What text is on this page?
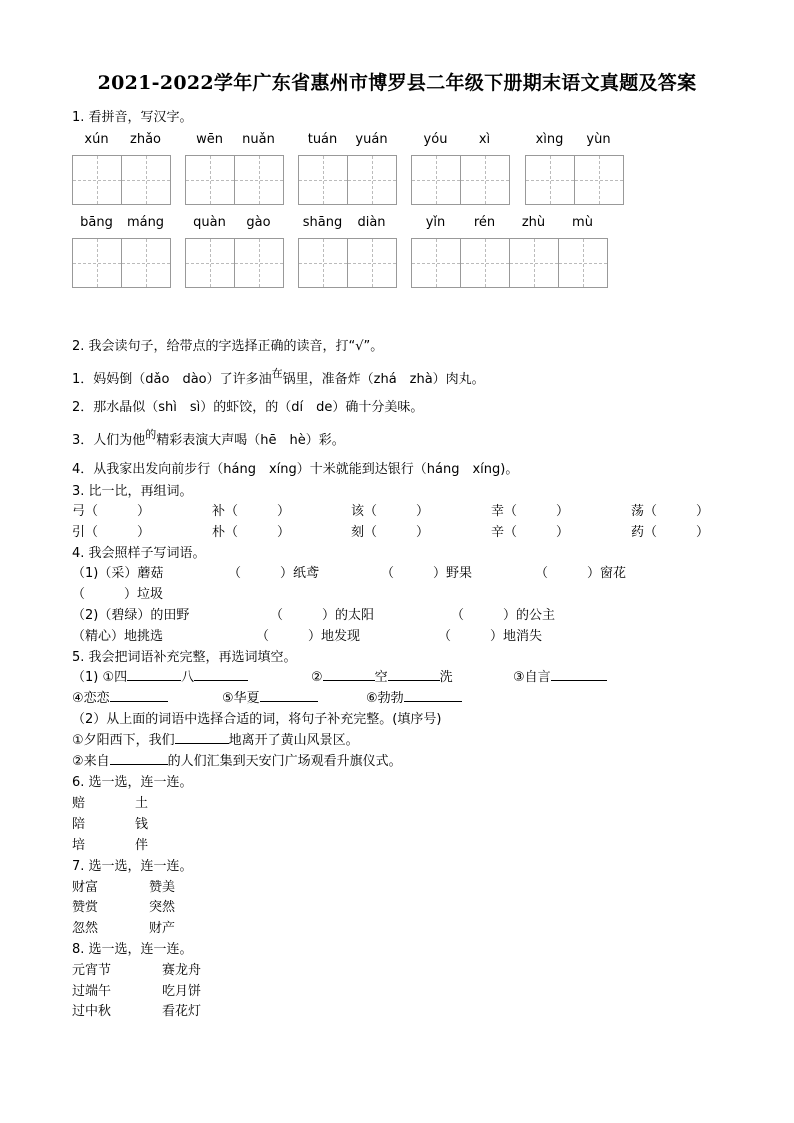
2021-2022学年广东省惠州市博罗县二年级下册期末语文真题及答案
1. 看拼音，写汉字。
2. 我会读句子，给带点的字选择正确的读音，打“√”。
1．妈妈倒（dǎo　dào）了许多油$^在$锅里，准备炸（zhá　zhà）肉丸。
2．那水晶似（shì　sì）的虾饺，的（dí　de）确十分美味。
3．人们为他$^的$精彩表演大声喝（hē　hè）彩。
4．从我家出发向前步行（háng　xíng）十米就能到达银行（háng　xíng)。
3. 比一比，再组词。
弓（　　　）	补（　　　）	该（　　　）	幸（　　　）	荡（　　　）
引（　　　）	朴（　　　）	刻（　　　）	辛（　　　）	药（　　　）
4. 我会照样子写词语。
（1)（采）蘑菇	（　　　）纸鸢	（　　　）野果	（　　　）窗花
（　　　）垃圾
（2)（碧绿）的田野	（　　　）的太阳	（　　　）的公主
（精心）地挑选	（　　　）地发现	（　　　）地消失
5. 我会把词语补充完整，再选词填空。
（1) ①四	八	②	空	洗	③自言
④恋恋	⑤华夏	⑥勃勃
（2）从上面的词语中选择合适的词，将句子补充完整。(填序号)
①夕阳西下，我们	地离开了黄山风景区。
②来自	的人们汇集到天安门广场观看升旗仪式。
6. 选一选，连一连。
赔	土
陪	钱
培	伴
7. 选一选，连一连。
财富	赞美
赞赏	突然
忽然	财产
8. 选一选，连一连。
元宵节	赛龙舟
过端午	吃月饼
过中秋	看花灯
xún	zhǎo	wēn	nuǎn	tuán	yuán	yóu	xì	xìng	yùn
bāng	máng	quàn	gào	shāng	diàn	yǐn	rén	zhù	mù
